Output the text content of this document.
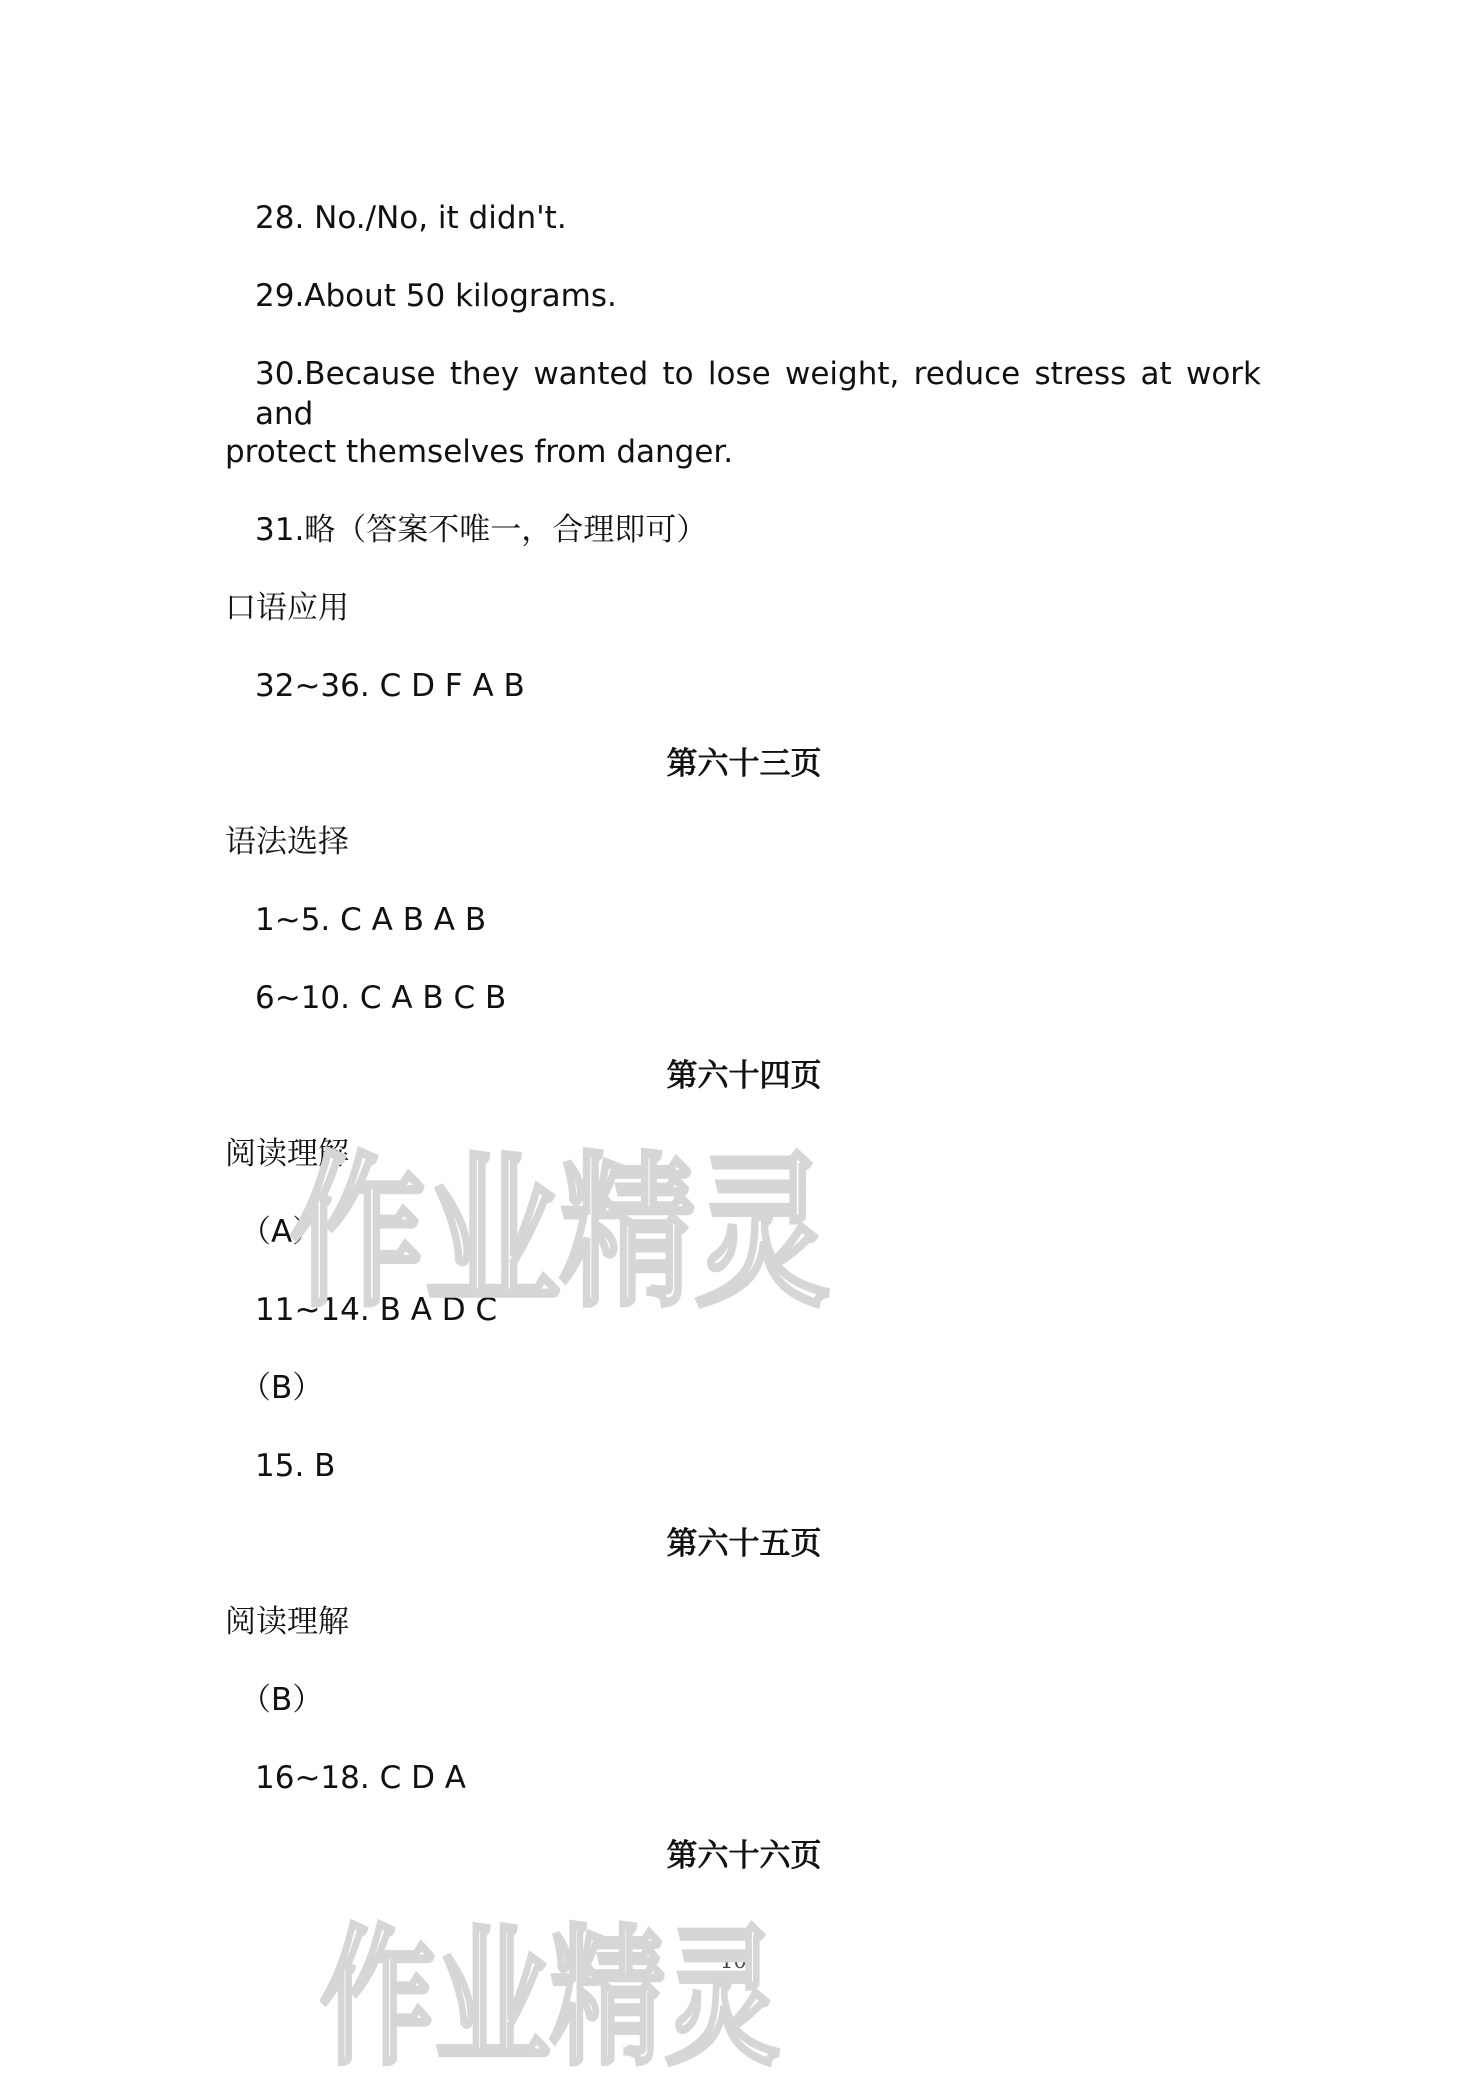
28. No./No, it didn't.
29.About 50 kilograms.
30.Because they wanted to lose weight, reduce stress at work and
protect themselves from danger.
31.略（答案不唯一，合理即可）
口语应用
32~36. C D F A B
第六十三页
语法选择
1~5. C A B A B
6~10. C A B C B
第六十四页
阅读理解
（A）
11~14. B A D C
（B）
15. B
第六十五页
阅读理解
（B）
16~18. C D A
第六十六页
103
作业精灵
作业精灵
